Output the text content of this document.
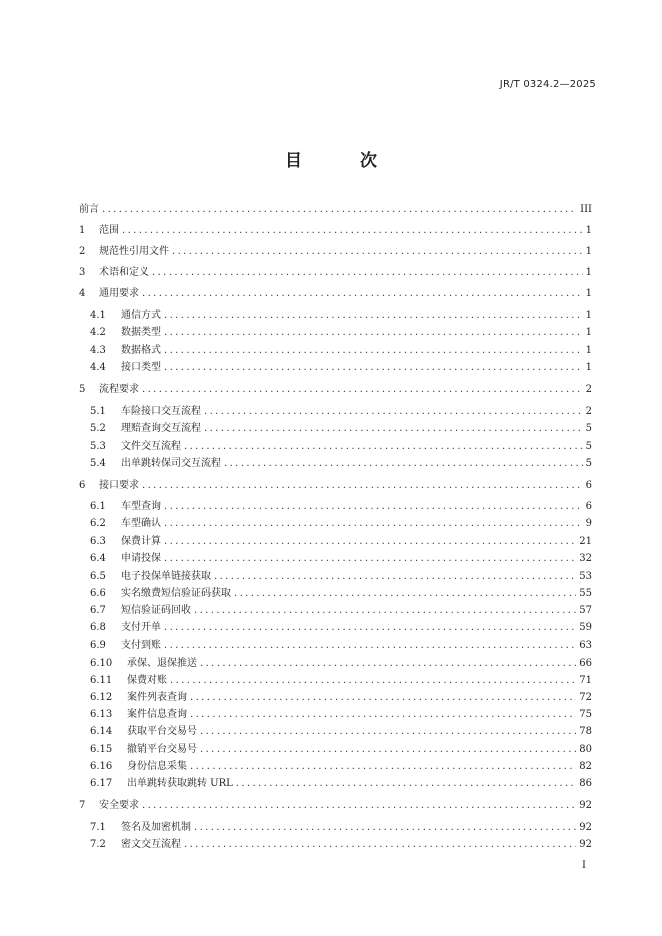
JR/T 0324.2—2025
目 次
前言 .....	III
1	范围 .....	1
2	规范性引用文件 .....	1
3	术语和定义 .....	1
4	通用要求 .....	1
4.1	通信方式 .....	1
4.2	数据类型 .....	1
4.3	数据格式 .....	1
4.4	接口类型 .....	1
5	流程要求 .....	2
5.1	车险接口交互流程 .....	2
5.2	理赔查询交互流程 .....	5
5.3	文件交互流程 .....	5
5.4	出单跳转保司交互流程 .....	5
6	接口要求 .....	6
6.1	车型查询 .....	6
6.2	车型确认 .....	9
6.3	保费计算 .....	21
6.4	申请投保 .....	32
6.5	电子投保单链接获取 .....	53
6.6	实名缴费短信验证码获取 .....	55
6.7	短信验证码回收 .....	57
6.8	支付开单 .....	59
6.9	支付到账 .....	63
6.10	承保、退保推送 .....	66
6.11	保费对账 .....	71
6.12	案件列表查询 .....	72
6.13	案件信息查询 .....	75
6.14	获取平台交易号 .....	78
6.15	撤销平台交易号 .....	80
6.16	身份信息采集 .....	82
6.17	出单跳转获取跳转 URL .....	86
7	安全要求 .....	92
7.1	签名及加密机制 .....	92
7.2	密文交互流程 .....	92
I
